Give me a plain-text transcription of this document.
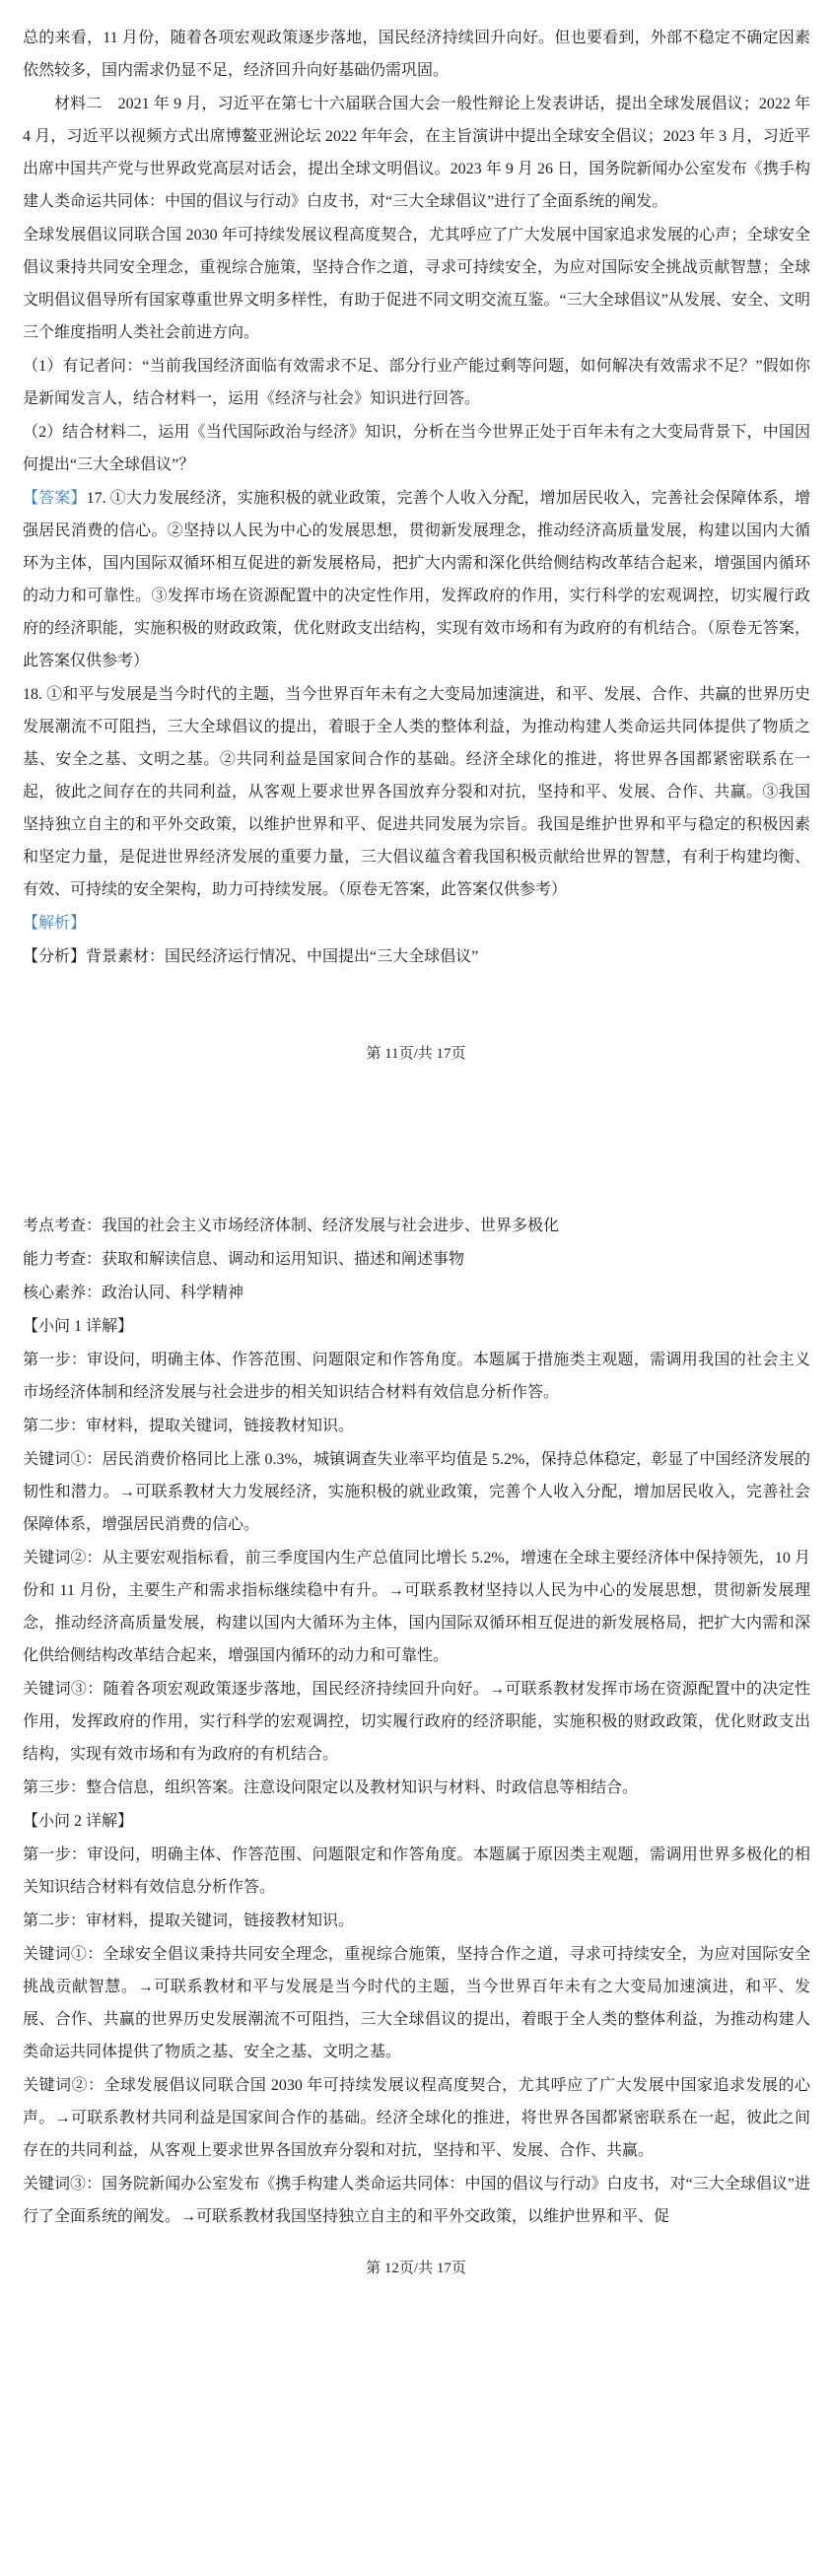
总的来看，11 月份，随着各项宏观政策逐步落地，国民经济持续回升向好。但也要看到，外部不稳定不确定因素依然较多，国内需求仍显不足，经济回升向好基础仍需巩固。

材料二　2021 年 9 月，习近平在第七十六届联合国大会一般性辩论上发表讲话，提出全球发展倡议；2022 年 4 月，习近平以视频方式出席博鳌亚洲论坛 2022 年年会，在主旨演讲中提出全球安全倡议；2023 年 3 月，习近平出席中国共产党与世界政党高层对话会，提出全球文明倡议。2023 年 9 月 26 日，国务院新闻办公室发布《携手构建人类命运共同体：中国的倡议与行动》白皮书，对“三大全球倡议”进行了全面系统的阐发。

全球发展倡议同联合国 2030 年可持续发展议程高度契合，尤其呼应了广大发展中国家追求发展的心声；全球安全倡议秉持共同安全理念，重视综合施策，坚持合作之道，寻求可持续安全，为应对国际安全挑战贡献智慧；全球文明倡议倡导所有国家尊重世界文明多样性，有助于促进不同文明交流互鉴。“三大全球倡议”从发展、安全、文明三个维度指明人类社会前进方向。

（1）有记者问：“当前我国经济面临有效需求不足、部分行业产能过剩等问题，如何解决有效需求不足？”假如你是新闻发言人，结合材料一，运用《经济与社会》知识进行回答。

（2）结合材料二，运用《当代国际政治与经济》知识，分析在当今世界正处于百年未有之大变局背景下，中国因何提出“三大全球倡议”？

【答案】17. ①大力发展经济，实施积极的就业政策，完善个人收入分配，增加居民收入，完善社会保障体系，增强居民消费的信心。②坚持以人民为中心的发展思想，贯彻新发展理念，推动经济高质量发展，构建以国内大循环为主体，国内国际双循环相互促进的新发展格局，把扩大内需和深化供给侧结构改革结合起来，增强国内循环的动力和可靠性。③发挥市场在资源配置中的决定性作用，发挥政府的作用，实行科学的宏观调控，切实履行政府的经济职能，实施积极的财政政策，优化财政支出结构，实现有效市场和有为政府的有机结合。（原卷无答案，此答案仅供参考）

18. ①和平与发展是当今时代的主题，当今世界百年未有之大变局加速演进，和平、发展、合作、共赢的世界历史发展潮流不可阻挡，三大全球倡议的提出，着眼于全人类的整体利益，为推动构建人类命运共同体提供了物质之基、安全之基、文明之基。②共同利益是国家间合作的基础。经济全球化的推进，将世界各国都紧密联系在一起，彼此之间存在的共同利益，从客观上要求世界各国放弃分裂和对抗，坚持和平、发展、合作、共赢。③我国坚持独立自主的和平外交政策，以维护世界和平、促进共同发展为宗旨。我国是维护世界和平与稳定的积极因素和坚定力量，是促进世界经济发展的重要力量，三大倡议蕴含着我国积极贡献给世界的智慧，有利于构建均衡、有效、可持续的安全架构，助力可持续发展。（原卷无答案，此答案仅供参考）

【解析】

【分析】背景素材：国民经济运行情况、中国提出“三大全球倡议”

第 11页/共 17页

考点考查：我国的社会主义市场经济体制、经济发展与社会进步、世界多极化

能力考查：获取和解读信息、调动和运用知识、描述和阐述事物

核心素养：政治认同、科学精神

【小问 1 详解】

第一步：审设问，明确主体、作答范围、问题限定和作答角度。本题属于措施类主观题，需调用我国的社会主义市场经济体制和经济发展与社会进步的相关知识结合材料有效信息分析作答。

第二步：审材料，提取关键词，链接教材知识。

关键词①：居民消费价格同比上涨 0.3%，城镇调查失业率平均值是 5.2%，保持总体稳定，彰显了中国经济发展的韧性和潜力。→可联系教材大力发展经济，实施积极的就业政策，完善个人收入分配，增加居民收入，完善社会保障体系，增强居民消费的信心。

关键词②：从主要宏观指标看，前三季度国内生产总值同比增长 5.2%，增速在全球主要经济体中保持领先，10 月份和 11 月份，主要生产和需求指标继续稳中有升。→可联系教材坚持以人民为中心的发展思想，贯彻新发展理念，推动经济高质量发展，构建以国内大循环为主体，国内国际双循环相互促进的新发展格局，把扩大内需和深化供给侧结构改革结合起来，增强国内循环的动力和可靠性。

关键词③：随着各项宏观政策逐步落地，国民经济持续回升向好。→可联系教材发挥市场在资源配置中的决定性作用，发挥政府的作用，实行科学的宏观调控，切实履行政府的经济职能，实施积极的财政政策，优化财政支出结构，实现有效市场和有为政府的有机结合。

第三步：整合信息，组织答案。注意设问限定以及教材知识与材料、时政信息等相结合。

【小问 2 详解】

第一步：审设问，明确主体、作答范围、问题限定和作答角度。本题属于原因类主观题，需调用世界多极化的相关知识结合材料有效信息分析作答。

第二步：审材料，提取关键词，链接教材知识。

关键词①：全球安全倡议秉持共同安全理念，重视综合施策，坚持合作之道，寻求可持续安全，为应对国际安全挑战贡献智慧。→可联系教材和平与发展是当今时代的主题，当今世界百年未有之大变局加速演进，和平、发展、合作、共赢的世界历史发展潮流不可阻挡，三大全球倡议的提出，着眼于全人类的整体利益，为推动构建人类命运共同体提供了物质之基、安全之基、文明之基。

关键词②：全球发展倡议同联合国 2030 年可持续发展议程高度契合，尤其呼应了广大发展中国家追求发展的心声。→可联系教材共同利益是国家间合作的基础。经济全球化的推进，将世界各国都紧密联系在一起，彼此之间存在的共同利益，从客观上要求世界各国放弃分裂和对抗，坚持和平、发展、合作、共赢。

关键词③：国务院新闻办公室发布《携手构建人类命运共同体：中国的倡议与行动》白皮书，对“三大全球倡议”进行了全面系统的阐发。→可联系教材我国坚持独立自主的和平外交政策，以维护世界和平、促

第 12页/共 17页
